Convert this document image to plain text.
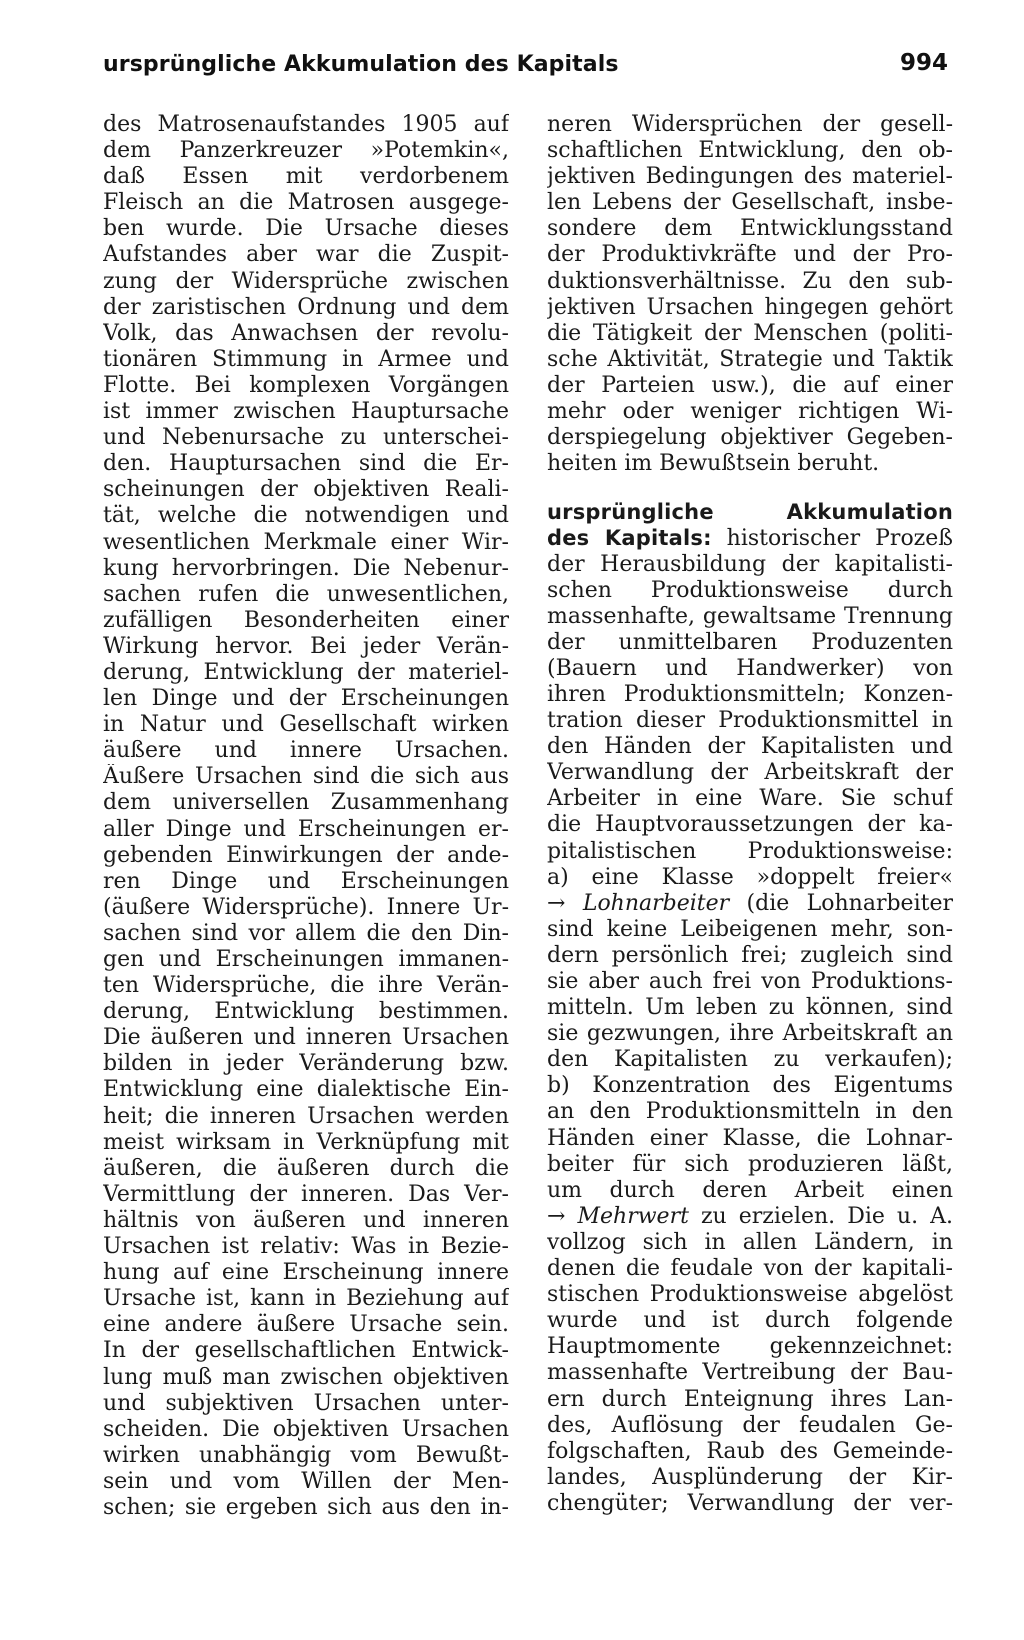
ursprüngliche Akkumulation des Kapitals	994
des Matrosenaufstandes 1905 auf
dem Panzerkreuzer »Potemkin«,
daß Essen mit verdorbenem
Fleisch an die Matrosen ausgege-
ben wurde. Die Ursache dieses
Aufstandes aber war die Zuspit-
zung der Widersprüche zwischen
der zaristischen Ordnung und dem
Volk, das Anwachsen der revolu-
tionären Stimmung in Armee und
Flotte. Bei komplexen Vorgängen
ist immer zwischen Hauptursache
und Nebenursache zu unterschei-
den. Hauptursachen sind die Er-
scheinungen der objektiven Reali-
tät, welche die notwendigen und
wesentlichen Merkmale einer Wir-
kung hervorbringen. Die Nebenur-
sachen rufen die unwesentlichen,
zufälligen Besonderheiten einer
Wirkung hervor. Bei jeder Verän-
derung, Entwicklung der materiel-
len Dinge und der Erscheinungen
in Natur und Gesellschaft wirken
äußere und innere Ursachen.
Äußere Ursachen sind die sich aus
dem universellen Zusammenhang
aller Dinge und Erscheinungen er-
gebenden Einwirkungen der ande-
ren Dinge und Erscheinungen
(äußere Widersprüche). Innere Ur-
sachen sind vor allem die den Din-
gen und Erscheinungen immanen-
ten Widersprüche, die ihre Verän-
derung, Entwicklung bestimmen.
Die äußeren und inneren Ursachen
bilden in jeder Veränderung bzw.
Entwicklung eine dialektische Ein-
heit; die inneren Ursachen werden
meist wirksam in Verknüpfung mit
äußeren, die äußeren durch die
Vermittlung der inneren. Das Ver-
hältnis von äußeren und inneren
Ursachen ist relativ: Was in Bezie-
hung auf eine Erscheinung innere
Ursache ist, kann in Beziehung auf
eine andere äußere Ursache sein.
In der gesellschaftlichen Entwick-
lung muß man zwischen objektiven
und subjektiven Ursachen unter-
scheiden. Die objektiven Ursachen
wirken unabhängig vom Bewußt-
sein und vom Willen der Men-
schen; sie ergeben sich aus den in-
neren Widersprüchen der gesell-
schaftlichen Entwicklung, den ob-
jektiven Bedingungen des materiel-
len Lebens der Gesellschaft, insbe-
sondere dem Entwicklungsstand
der Produktivkräfte und der Pro-
duktionsverhältnisse. Zu den sub-
jektiven Ursachen hingegen gehört
die Tätigkeit der Menschen (politi-
sche Aktivität, Strategie und Taktik
der Parteien usw.), die auf einer
mehr oder weniger richtigen Wi-
derspiegelung objektiver Gegeben-
heiten im Bewußtsein beruht.
ursprüngliche Akkumulation
des Kapitals: historischer Prozeß
der Herausbildung der kapitalisti-
schen Produktionsweise durch
massenhafte, gewaltsame Trennung
der unmittelbaren Produzenten
(Bauern und Handwerker) von
ihren Produktionsmitteln; Konzen-
tration dieser Produktionsmittel in
den Händen der Kapitalisten und
Verwandlung der Arbeitskraft der
Arbeiter in eine Ware. Sie schuf
die Hauptvoraussetzungen der ka-
pitalistischen Produktionsweise:
a) eine Klasse »doppelt freier«
→ Lohnarbeiter (die Lohnarbeiter
sind keine Leibeigenen mehr, son-
dern persönlich frei; zugleich sind
sie aber auch frei von Produktions-
mitteln. Um leben zu können, sind
sie gezwungen, ihre Arbeitskraft an
den Kapitalisten zu verkaufen);
b) Konzentration des Eigentums
an den Produktionsmitteln in den
Händen einer Klasse, die Lohnar-
beiter für sich produzieren läßt,
um durch deren Arbeit einen
→ Mehrwert zu erzielen. Die u. A.
vollzog sich in allen Ländern, in
denen die feudale von der kapitali-
stischen Produktionsweise abgelöst
wurde und ist durch folgende
Hauptmomente gekennzeichnet:
massenhafte Vertreibung der Bau-
ern durch Enteignung ihres Lan-
des, Auflösung der feudalen Ge-
folgschaften, Raub des Gemeinde-
landes, Ausplünderung der Kir-
chengüter; Verwandlung der ver-
